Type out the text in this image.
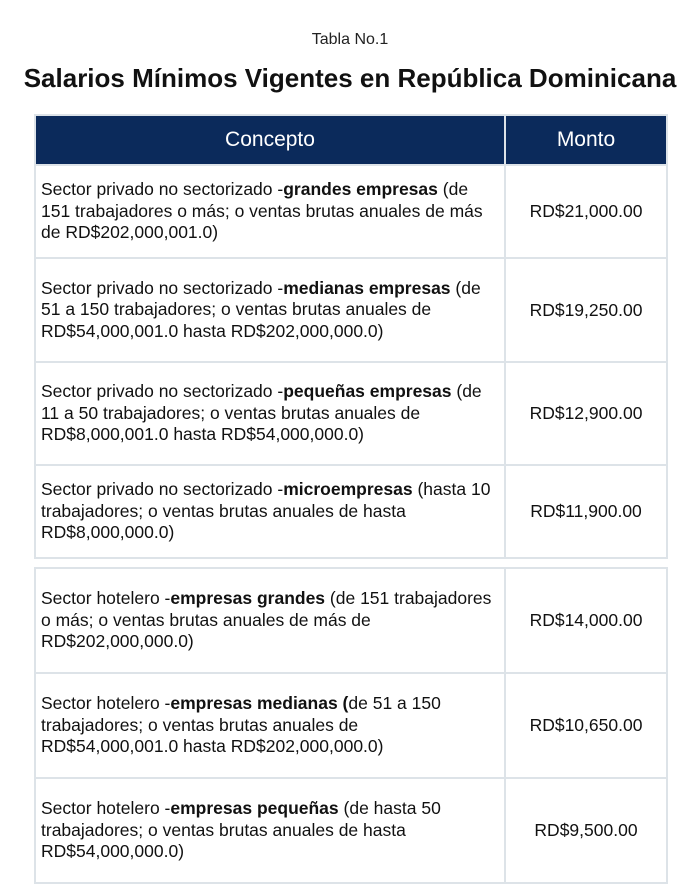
Tabla No.1
Salarios Mínimos Vigentes en República Dominicana
Concepto	Monto
Sector privado no sectorizado -grandes empresas (de 151 trabajadores o más; o ventas brutas anuales de más de RD$202,000,001.0)	RD$21,000.00
Sector privado no sectorizado -medianas empresas (de 51 a 150 trabajadores; o ventas brutas anuales de RD$54,000,001.0 hasta RD$202,000,000.0)	RD$19,250.00
Sector privado no sectorizado -pequeñas empresas (de 11 a 50 trabajadores; o ventas brutas anuales de RD$8,000,001.0 hasta RD$54,000,000.0)	RD$12,900.00
Sector privado no sectorizado -microempresas (hasta 10 trabajadores; o ventas brutas anuales de hasta RD$8,000,000.0)	RD$11,900.00
Sector hotelero -empresas grandes (de 151 trabajadores o más; o ventas brutas anuales de más de RD$202,000,000.0)	RD$14,000.00
Sector hotelero -empresas medianas (de 51 a 150 trabajadores; o ventas brutas anuales de RD$54,000,001.0 hasta RD$202,000,000.0)	RD$10,650.00
Sector hotelero -empresas pequeñas (de hasta 50 trabajadores; o ventas brutas anuales de hasta RD$54,000,000.0)	RD$9,500.00
